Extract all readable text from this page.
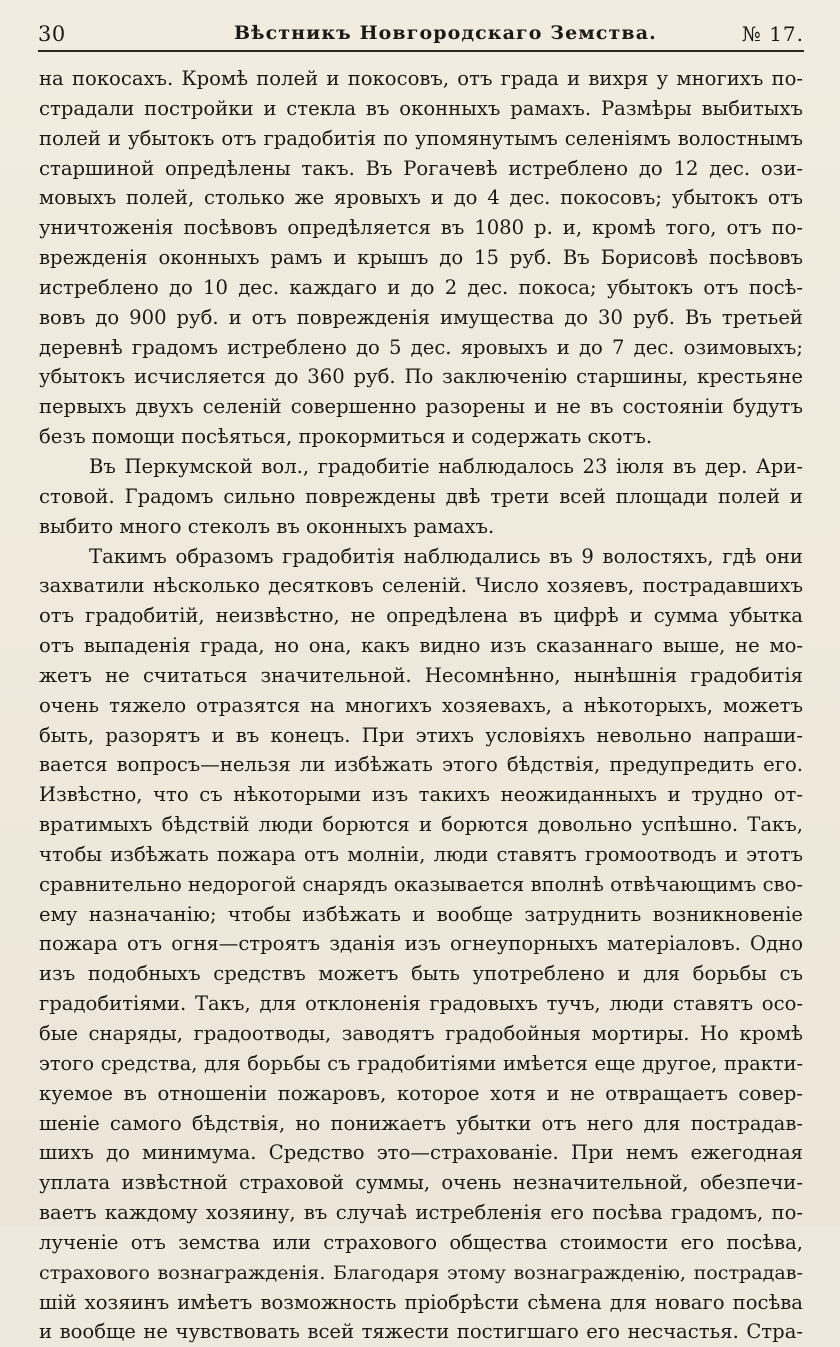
30	Вѣстникъ Новгородскаго Земства.	№ 17.
на покосахъ. Кромѣ полей и покосовъ, отъ града и вихря у многихъ по-
страдали постройки и стекла въ оконныхъ рамахъ. Размѣры выбитыхъ
полей и убытокъ отъ градобитія по упомянутымъ селеніямъ волостнымъ
старшиной опредѣлены такъ. Въ Рогачевѣ истреблено до 12 дес. ози-
мовыхъ полей, столько же яровыхъ и до 4 дес. покосовъ; убытокъ отъ
уничтоженія посѣвовъ опредѣляется въ 1080 р. и, кромѣ того, отъ по-
врежденія оконныхъ рамъ и крышъ до 15 руб. Въ Борисовѣ посѣвовъ
истреблено до 10 дес. каждаго и до 2 дес. покоса; убытокъ отъ посѣ-
вовъ до 900 руб. и отъ поврежденія имущества до 30 руб. Въ третьей
деревнѣ градомъ истреблено до 5 дес. яровыхъ и до 7 дес. озимовыхъ;
убытокъ исчисляется до 360 руб. По заключенію старшины, крестьяне
первыхъ двухъ селеній совершенно разорены и не въ состояніи будутъ
безъ помощи посѣяться, прокормиться и содержать скотъ.
Въ Перкумской вол., градобитіе наблюдалось 23 іюля въ дер. Ари-
стовой. Градомъ сильно повреждены двѣ трети всей площади полей и
выбито много стеколъ въ оконныхъ рамахъ.
Такимъ образомъ градобитія наблюдались въ 9 волостяхъ, гдѣ они
захватили нѣсколько десятковъ селеній. Число хозяевъ, пострадавшихъ
отъ градобитій, неизвѣстно, не опредѣлена въ цифрѣ и сумма убытка
отъ выпаденія града, но она, какъ видно изъ сказаннаго выше, не мо-
жетъ не считаться значительной. Несомнѣнно, нынѣшнія градобитія
очень тяжело отразятся на многихъ хозяевахъ, а нѣкоторыхъ, можетъ
быть, разорятъ и въ конецъ. При этихъ условіяхъ невольно напраши-
вается вопросъ—нельзя ли избѣжать этого бѣдствія, предупредить его.
Извѣстно, что съ нѣкоторыми изъ такихъ неожиданныхъ и трудно от-
вратимыхъ бѣдствій люди борются и борются довольно успѣшно. Такъ,
чтобы избѣжать пожара отъ молніи, люди ставятъ громоотводъ и этотъ
сравнительно недорогой снарядъ оказывается вполнѣ отвѣчающимъ сво-
ему назначанію; чтобы избѣжать и вообще затруднить возникновеніе
пожара отъ огня—строятъ зданія изъ огнеупорныхъ матеріаловъ. Одно
изъ подобныхъ средствъ можетъ быть употреблено и для борьбы съ
градобитіями. Такъ, для отклоненія градовыхъ тучъ, люди ставятъ осо-
бые снаряды, градоотводы, заводятъ градобойныя мортиры. Но кромѣ
этого средства, для борьбы съ градобитіями имѣется еще другое, практи-
куемое въ отношеніи пожаровъ, которое хотя и не отвращаетъ совер-
шеніе самого бѣдствія, но понижаетъ убытки отъ него для пострадав-
шихъ до минимума. Средство это—страхованіе. При немъ ежегодная
уплата извѣстной страховой суммы, очень незначительной, обезпечи-
ваетъ каждому хозяину, въ случаѣ истребленія его посѣва градомъ, по-
лученіе отъ земства или страхового общества стоимости его посѣва,
страхового вознагражденія. Благодаря этому вознагражденію, пострадав-
шій хозяинъ имѣетъ возможность пріобрѣсти сѣмена для новаго посѣва
и вообще не чувствовать всей тяжести постигшаго его несчастья. Стра-
